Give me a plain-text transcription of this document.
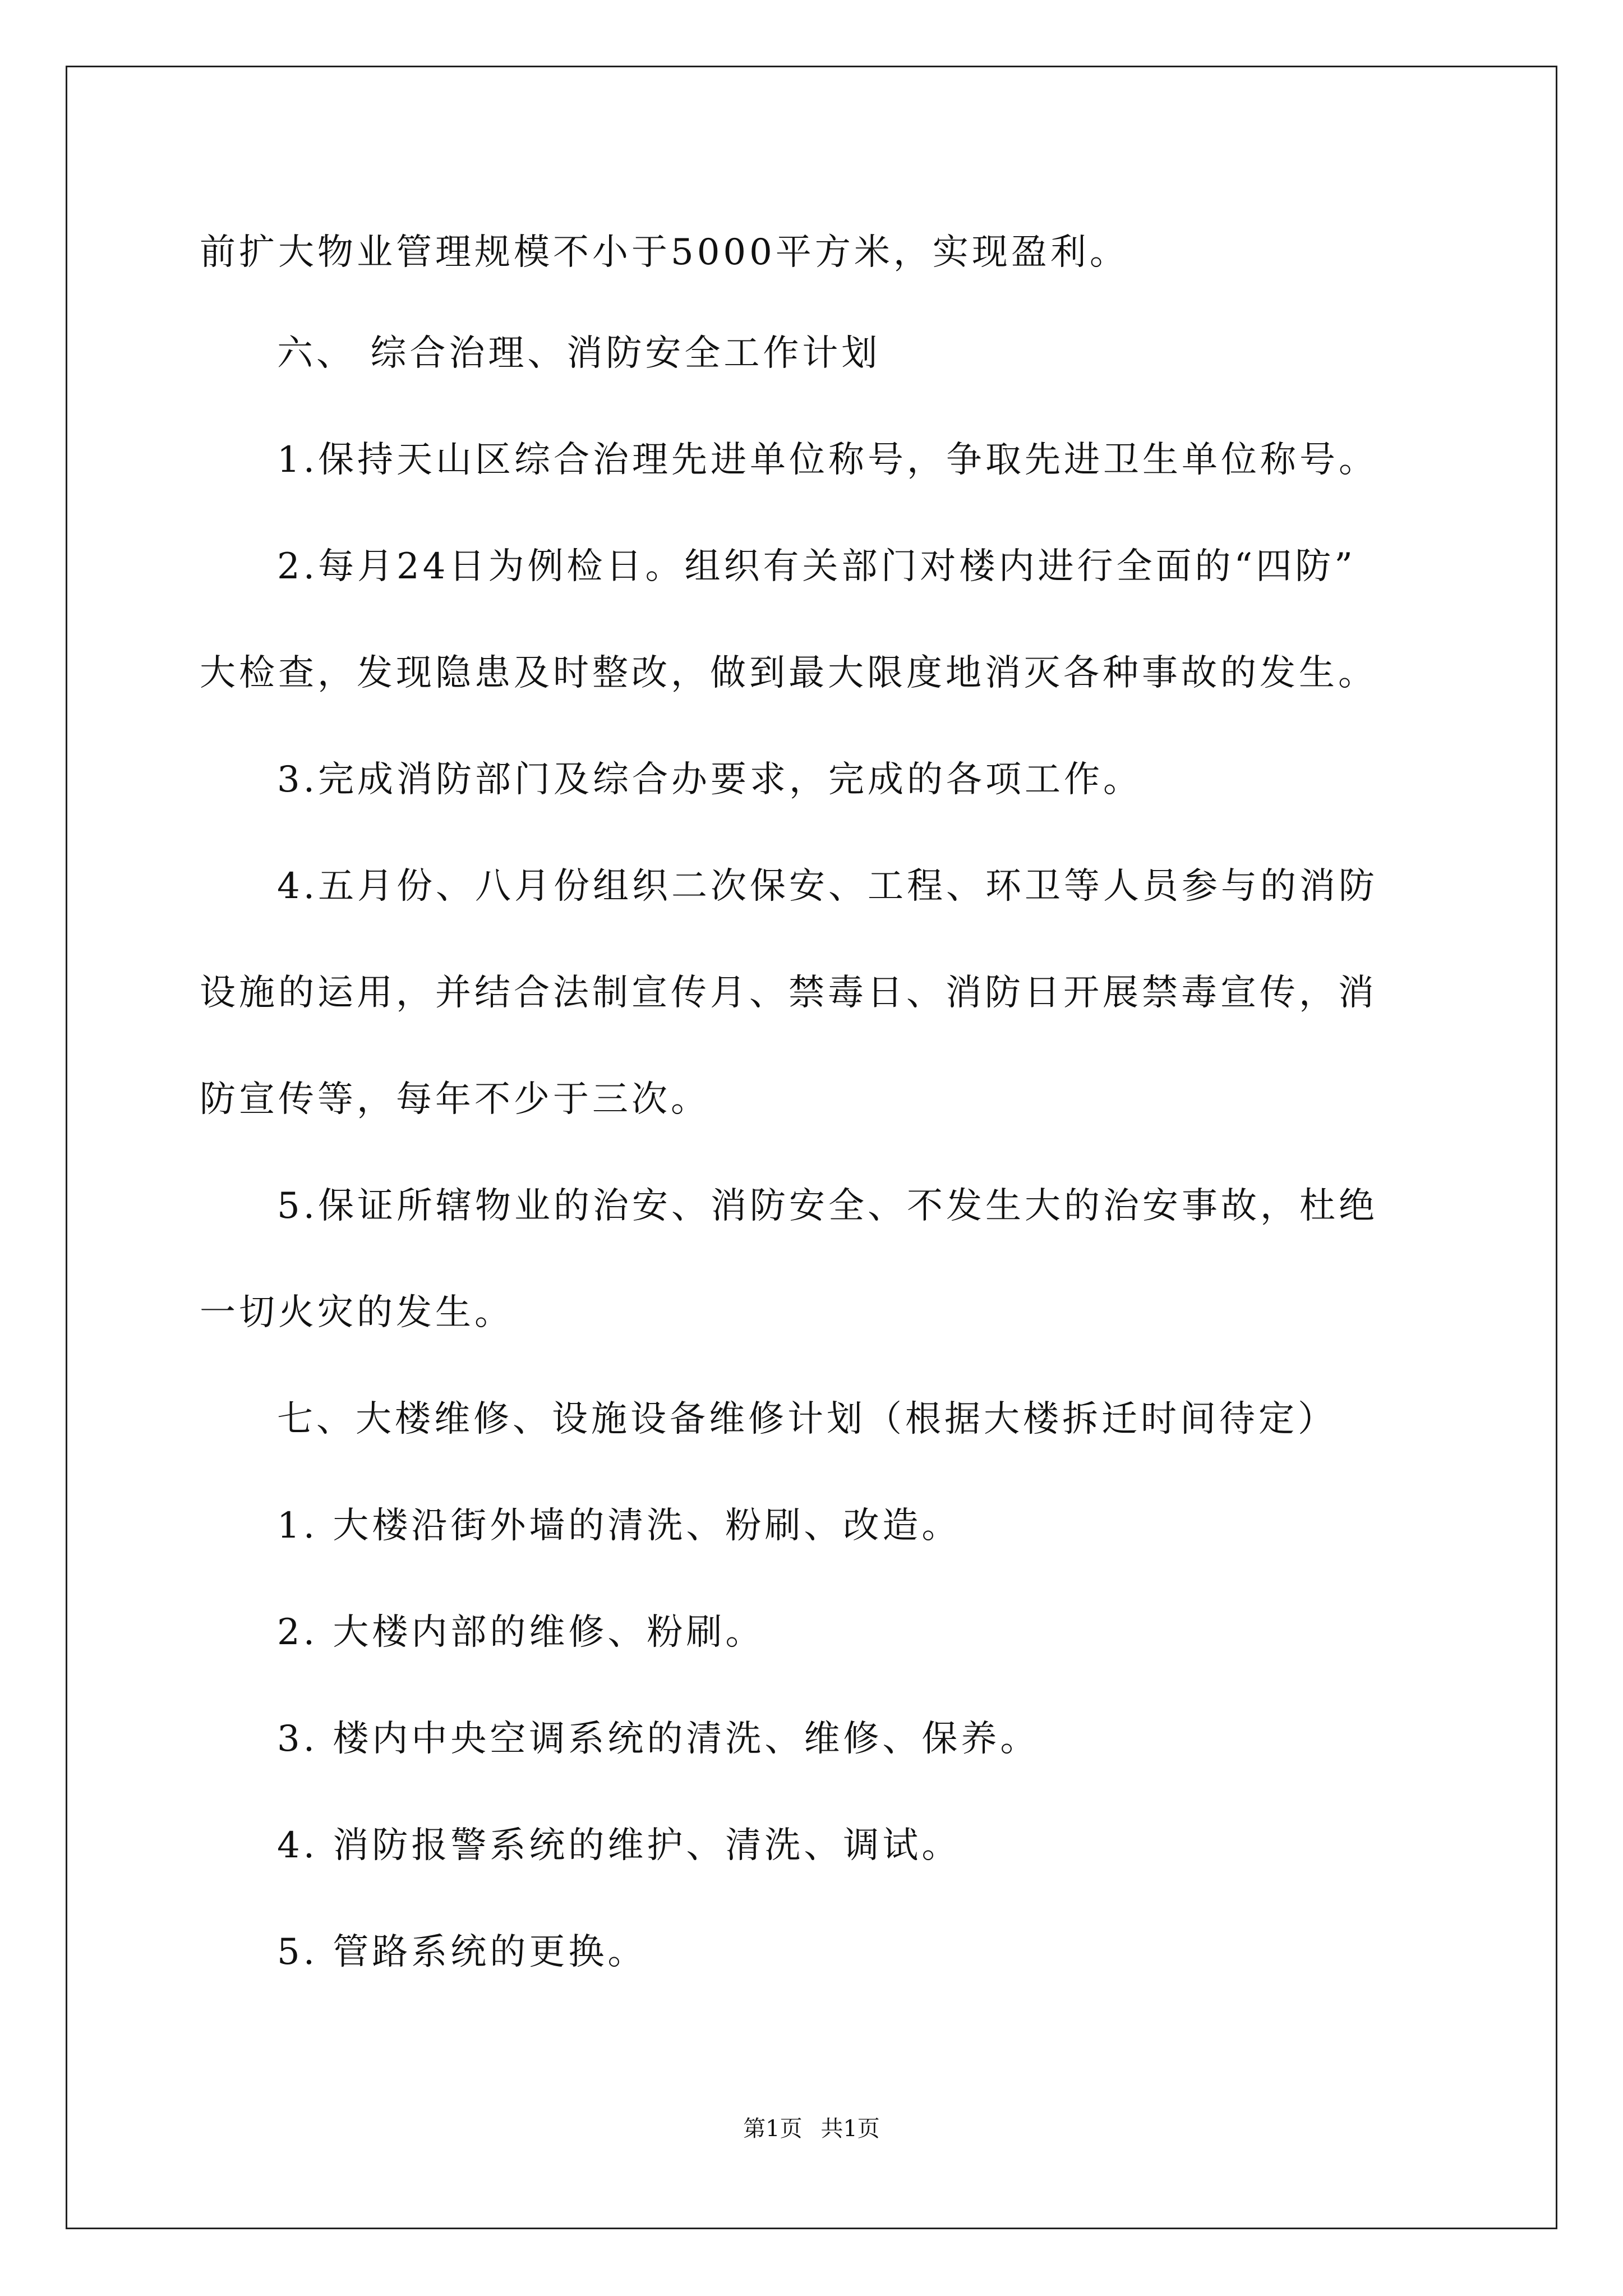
前扩大物业管理规模不小于5000平方米，实现盈利。
六、 综合治理、消防安全工作计划
1.保持天山区综合治理先进单位称号，争取先进卫生单位称号。
2.每月24日为例检日。组织有关部门对楼内进行全面的“四防”
大检查，发现隐患及时整改，做到最大限度地消灭各种事故的发生。
3.完成消防部门及综合办要求，完成的各项工作。
4.五月份、八月份组织二次保安、工程、环卫等人员参与的消防
设施的运用，并结合法制宣传月、禁毒日、消防日开展禁毒宣传，消
防宣传等，每年不少于三次。
5.保证所辖物业的治安、消防安全、不发生大的治安事故，杜绝
一切火灾的发生。
七、大楼维修、设施设备维修计划（根据大楼拆迁时间待定）
1. 大楼沿街外墙的清洗、粉刷、改造。
2. 大楼内部的维修、粉刷。
3. 楼内中央空调系统的清洗、维修、保养。
4. 消防报警系统的维护、清洗、调试。
5. 管路系统的更换。
第1页 共1页
